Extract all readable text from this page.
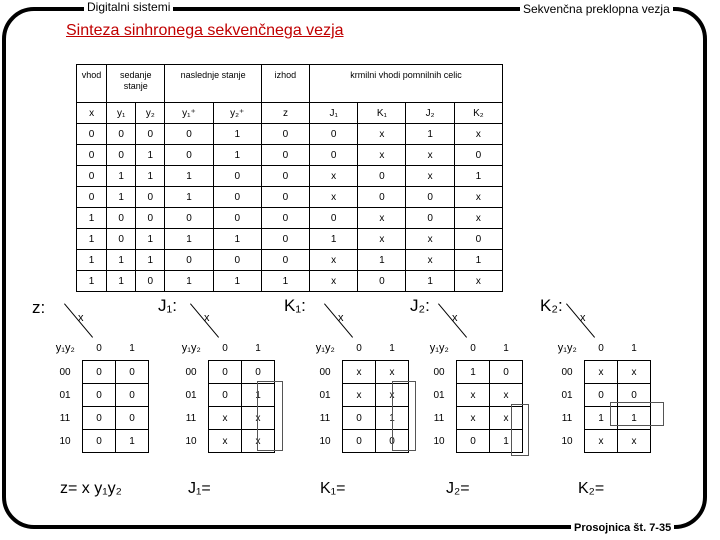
Digitalni sistemi	Sekvenčna preklopna vezja
Sinteza sinhronega sekvenčnega vezja
vhod	sedanje stanje		naslednje stanje		izhod	krmilni vhodi pomnilnih celic			
x	y₁	y₂	y₁⁺	y₂⁺	z	J₁	K₁	J₂	K₂
0	0	0	0	1	0	0	x	1	x
0	0	1	0	1	0	0	x	x	0
0	1	1	1	0	0	x	0	x	1
0	1	0	1	0	0	x	0	0	x
1	0	0	0	0	0	0	x	0	x
1	0	1	1	1	0	1	x	x	0
1	1	1	0	0	0	x	1	x	1
1	1	0	1	1	1	x	0	1	x
z:
x
y₁y₂	0	1
00	0	0
01	0	0
11	0	0
10	0	1
J₁:
x
y₁y₂	0	1
00	0	0
01	0	1
11	x	x
10	x	x
K₁:
x
y₁y₂	0	1
00	x	x
01	x	x
11	0	1
10	0	0
J₂:
x
y₁y₂	0	1
00	1	0
01	x	x
11	x	x
10	0	1
K₂:
x
y₁y₂	0	1
00	x	x
01	0	0
11	1	1
10	x	x
z= x y₁y₂	J₁=	K₁=	J₂=	K₂=
Prosojnica št. 7-35
